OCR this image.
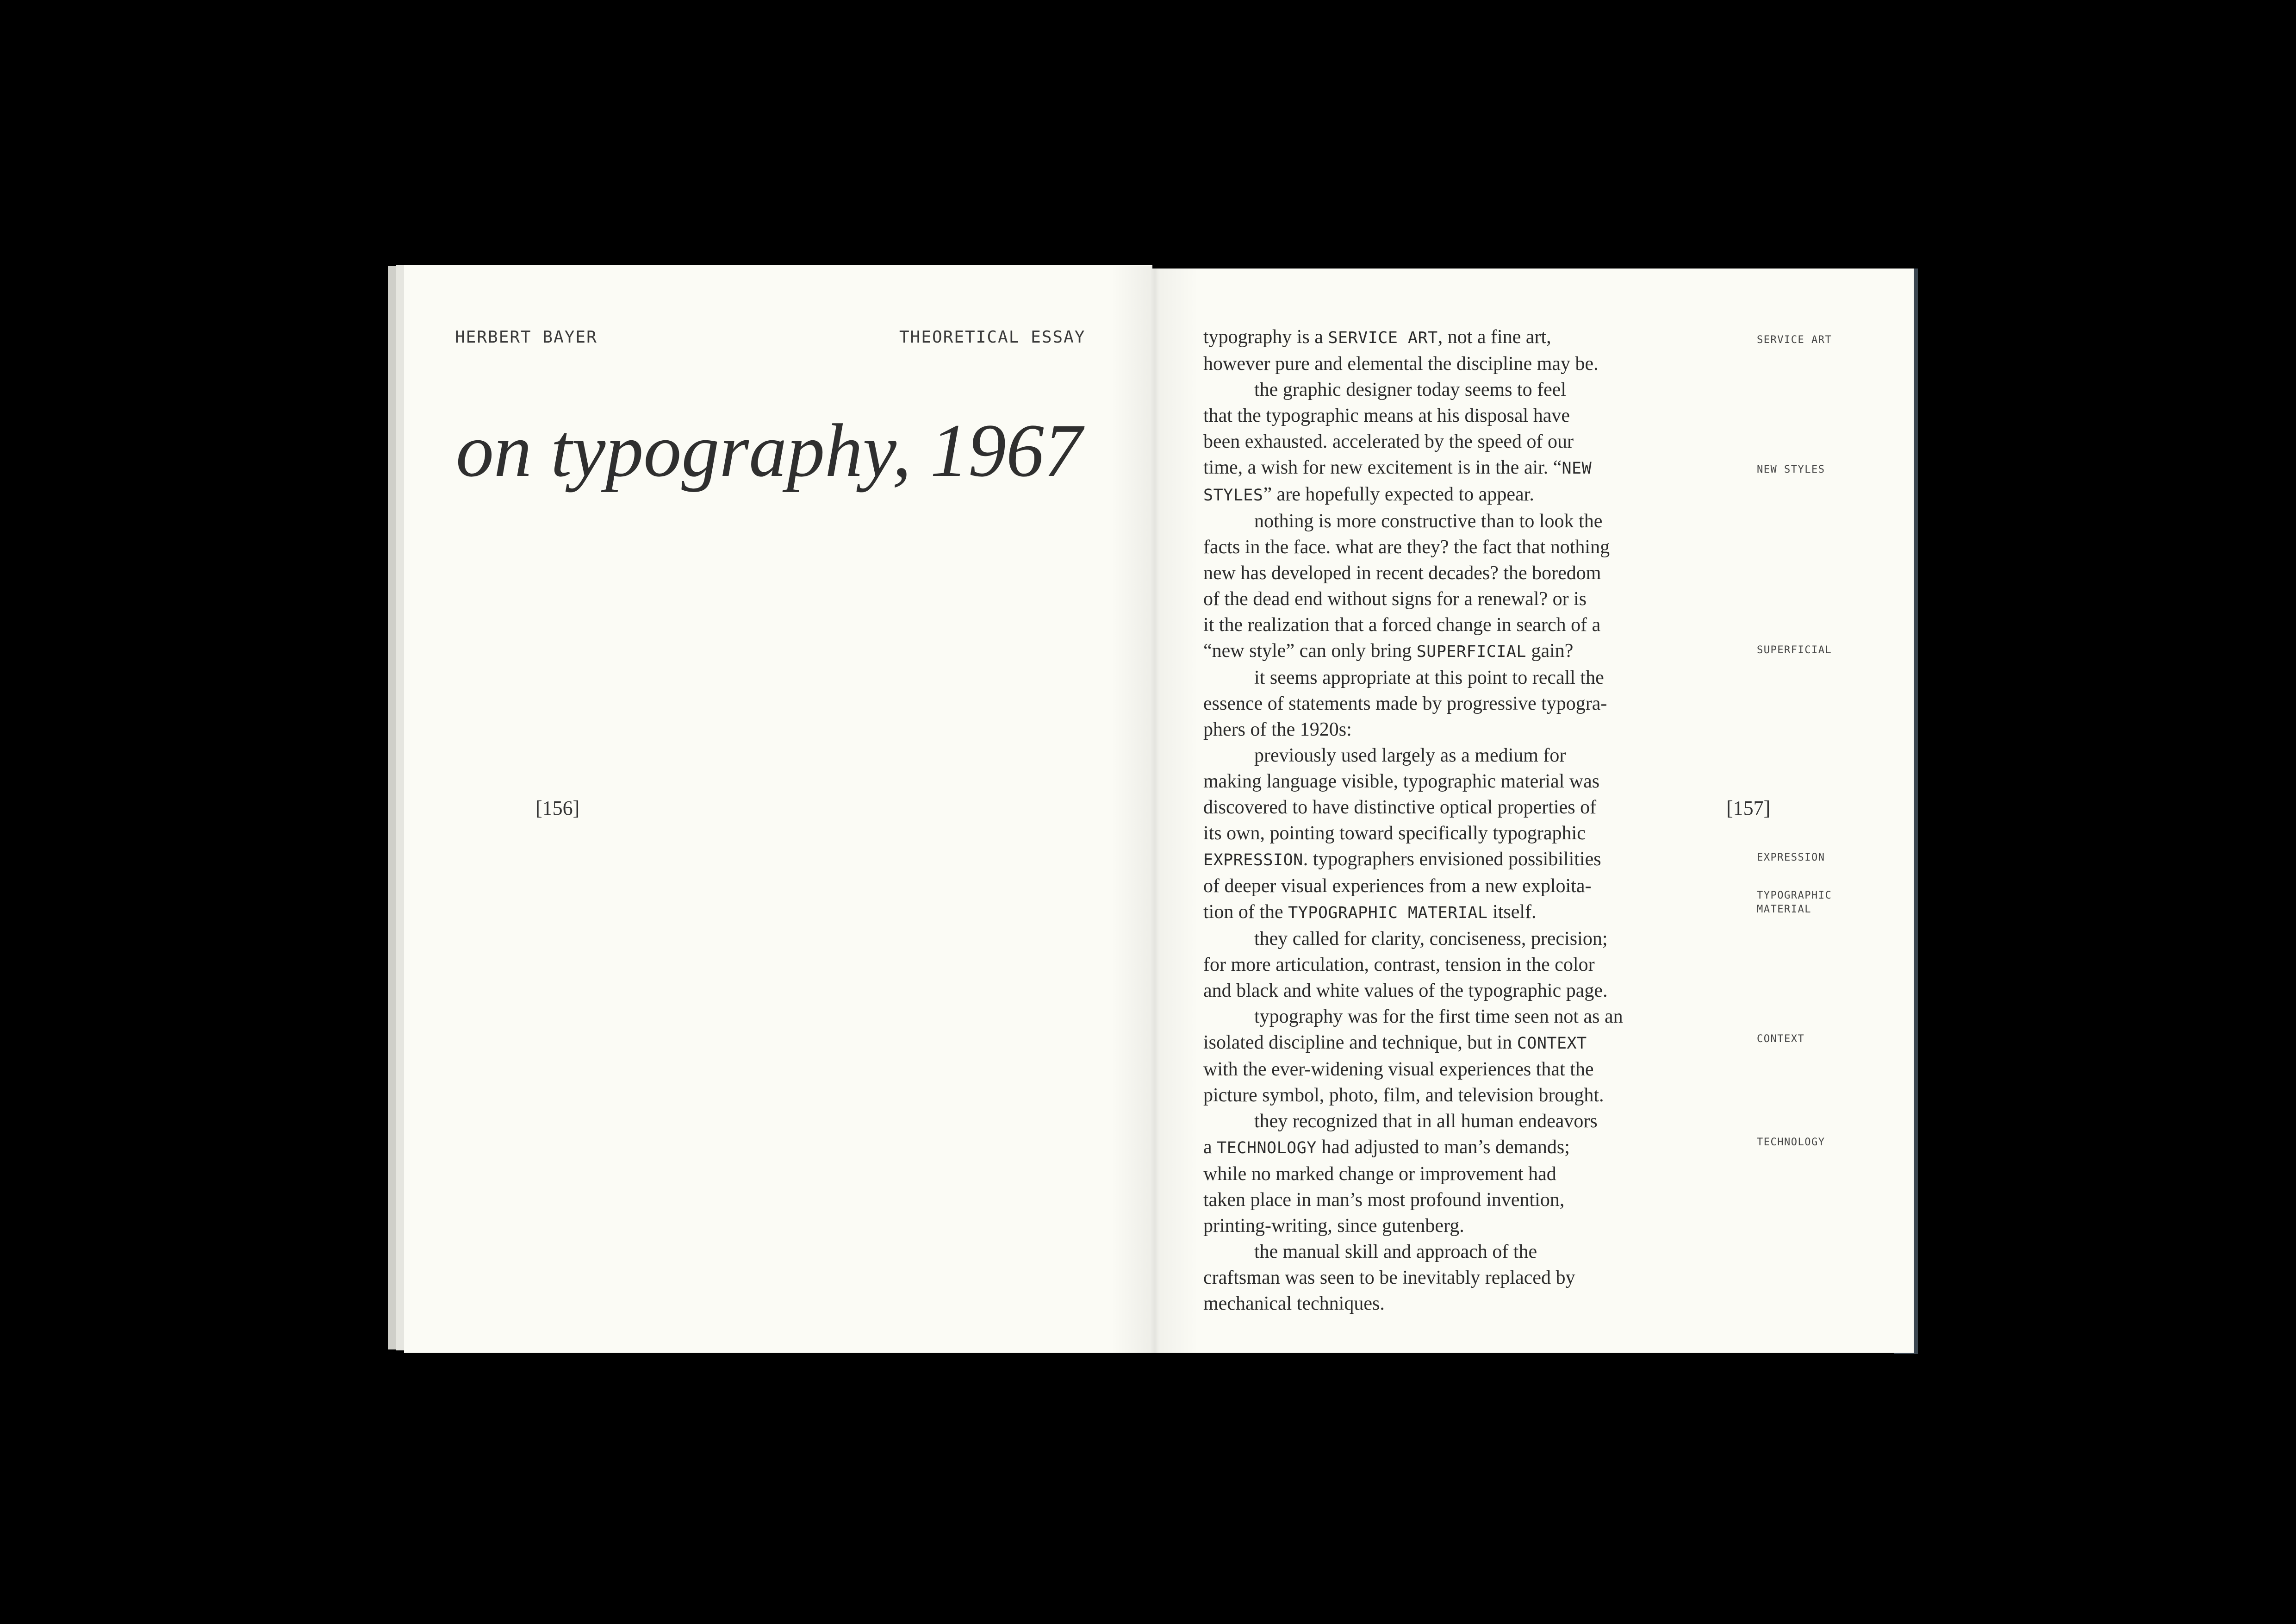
HERBERT BAYER	THEORETICAL ESSAY
on typography, 1967
[156]
typography is a SERVICE ART, not a fine art,
however pure and elemental the discipline may be.
the graphic designer today seems to feel
that the typographic means at his disposal have
been exhausted. accelerated by the speed of our
time, a wish for new excitement is in the air. “NEW
STYLES” are hopefully expected to appear.
nothing is more constructive than to look the
facts in the face. what are they? the fact that nothing
new has developed in recent decades? the boredom
of the dead end without signs for a renewal? or is
it the realization that a forced change in search of a
“new style” can only bring SUPERFICIAL gain?
it seems appropriate at this point to recall the
essence of statements made by progressive typogra-
phers of the 1920s:
previously used largely as a medium for
making language visible, typographic material was
discovered to have distinctive optical properties of
its own, pointing toward specifically typographic
EXPRESSION. typographers envisioned possibilities
of deeper visual experiences from a new exploita-
tion of the TYPOGRAPHIC MATERIAL itself.
they called for clarity, conciseness, precision;
for more articulation, contrast, tension in the color
and black and white values of the typographic page.
typography was for the first time seen not as an
isolated discipline and technique, but in CONTEXT
with the ever-widening visual experiences that the
picture symbol, photo, film, and television brought.
they recognized that in all human endeavors
a TECHNOLOGY had adjusted to man’s demands;
while no marked change or improvement had
taken place in man’s most profound invention,
printing-writing, since gutenberg.
the manual skill and approach of the
craftsman was seen to be inevitably replaced by
mechanical techniques.
[157]
SERVICE ART
NEW STYLES
SUPERFICIAL
EXPRESSION
TYPOGRAPHIC
MATERIAL
CONTEXT
TECHNOLOGY
